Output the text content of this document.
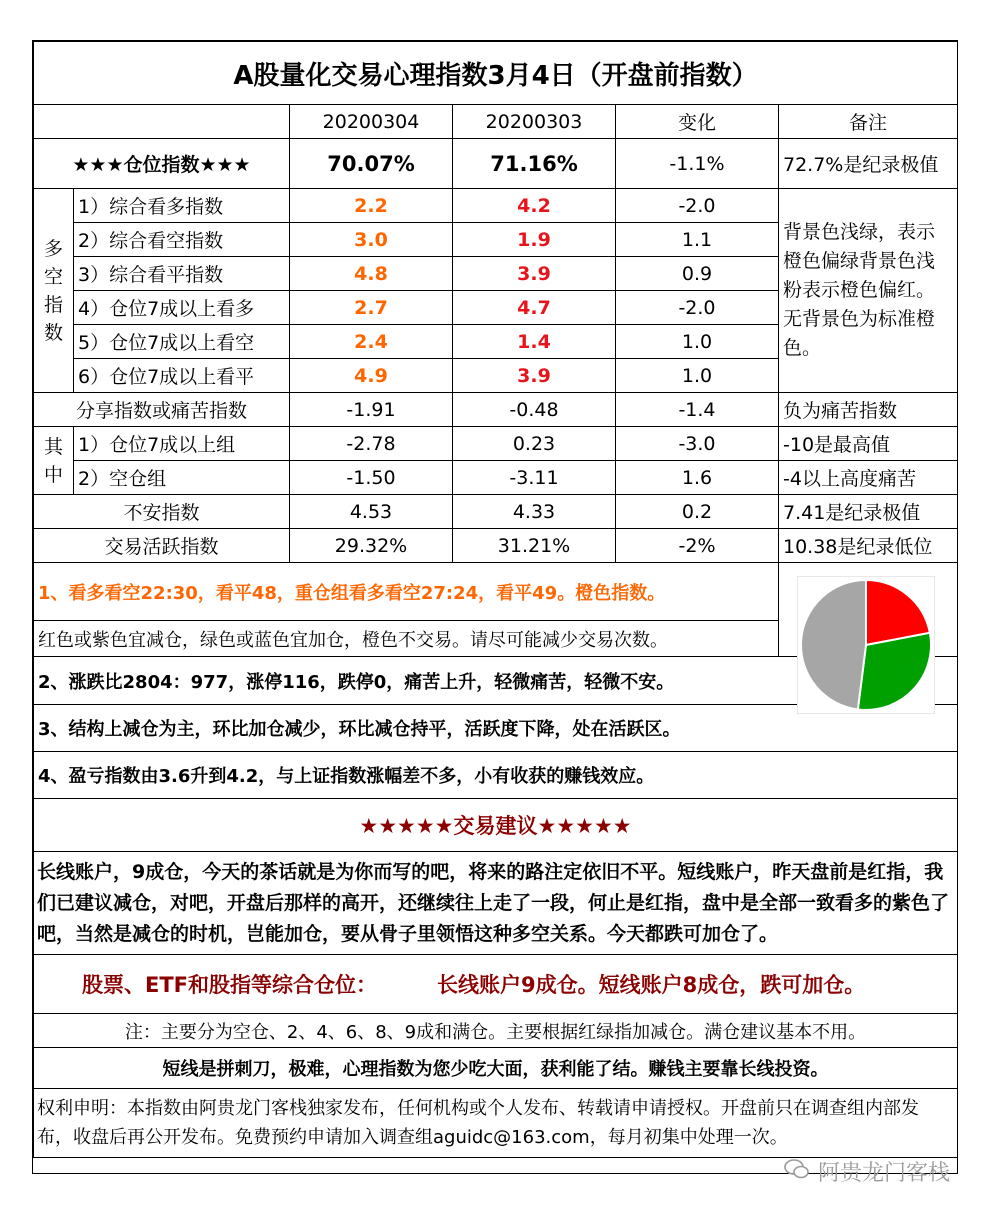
A股量化交易心理指数3月4日（开盘前指数）					
		20200304	20200303	变化	备注
★★★仓位指数★★★		70.07%	71.16%	-1.1%	72.7%是纪录极值

多空指数	1）综合看多指数	2.2	4.2	-2.0	背景色浅绿，表示橙色偏绿背景色浅粉表示橙色偏红。无背景色为标准橙色。
	2）综合看空指数	3.0	1.9	1.1	
	3）综合看平指数	4.8	3.9	0.9	
	4）仓位7成以上看多	2.7	4.7	-2.0	
	5）仓位7成以上看空	2.4	1.4	1.0	
	6）仓位7成以上看平	4.9	3.9	1.0	
分享指数或痛苦指数		-1.91	-0.48	-1.4	负为痛苦指数

其中	1）仓位7成以上组	-2.78	0.23	-3.0	-10是最高值
	2）空仓组	-1.50	-3.11	1.6	-4以上高度痛苦
不安指数		4.53	4.33	0.2	7.41是纪录极值
交易活跃指数		29.32%	31.21%	-2%	10.38是纪录低位
1、看多看空22:30，看平48，重仓组看多看空27:24，看平49。橙色指数。					
红色或紫色宜减仓，绿色或蓝色宜加仓，橙色不交易。请尽可能减少交易次数。					
2、涨跌比2804：977，涨停116，跌停0，痛苦上升，轻微痛苦，轻微不安。					
3、结构上减仓为主，环比加仓减少，环比减仓持平，活跃度下降，处在活跃区。					
4、盈亏指数由3.6升到4.2，与上证指数涨幅差不多，小有收获的赚钱效应。					
★★★★★交易建议★★★★★					
长线账户，9成仓，今天的茶话就是为你而写的吧，将来的路注定依旧不平。短线账户，昨天盘前是红指，我们已建议减仓，对吧，开盘后那样的高开，还继续往上走了一段，何止是红指，盘中是全部一致看多的紫色了吧，当然是减仓的时机，岂能加仓，要从骨子里领悟这种多空关系。今天都跌可加仓了。					
股票、ETF和股指等综合仓位： 长线账户9成仓。短线账户8成仓，跌可加仓。					
注：主要分为空仓、2、4、6、8、9成和满仓。主要根据红绿指加减仓。满仓建议基本不用。					
短线是拼刺刀，极难，心理指数为您少吃大面，获利能了结。赚钱主要靠长线投资。					
权利申明：本指数由阿贵龙门客栈独家发布，任何机构或个人发布、转载请申请授权。开盘前只在调查组内部发布，收盘后再公开发布。免费预约申请加入调查组aguidc@163.com，每月初集中处理一次。					
阿贵龙门客栈
